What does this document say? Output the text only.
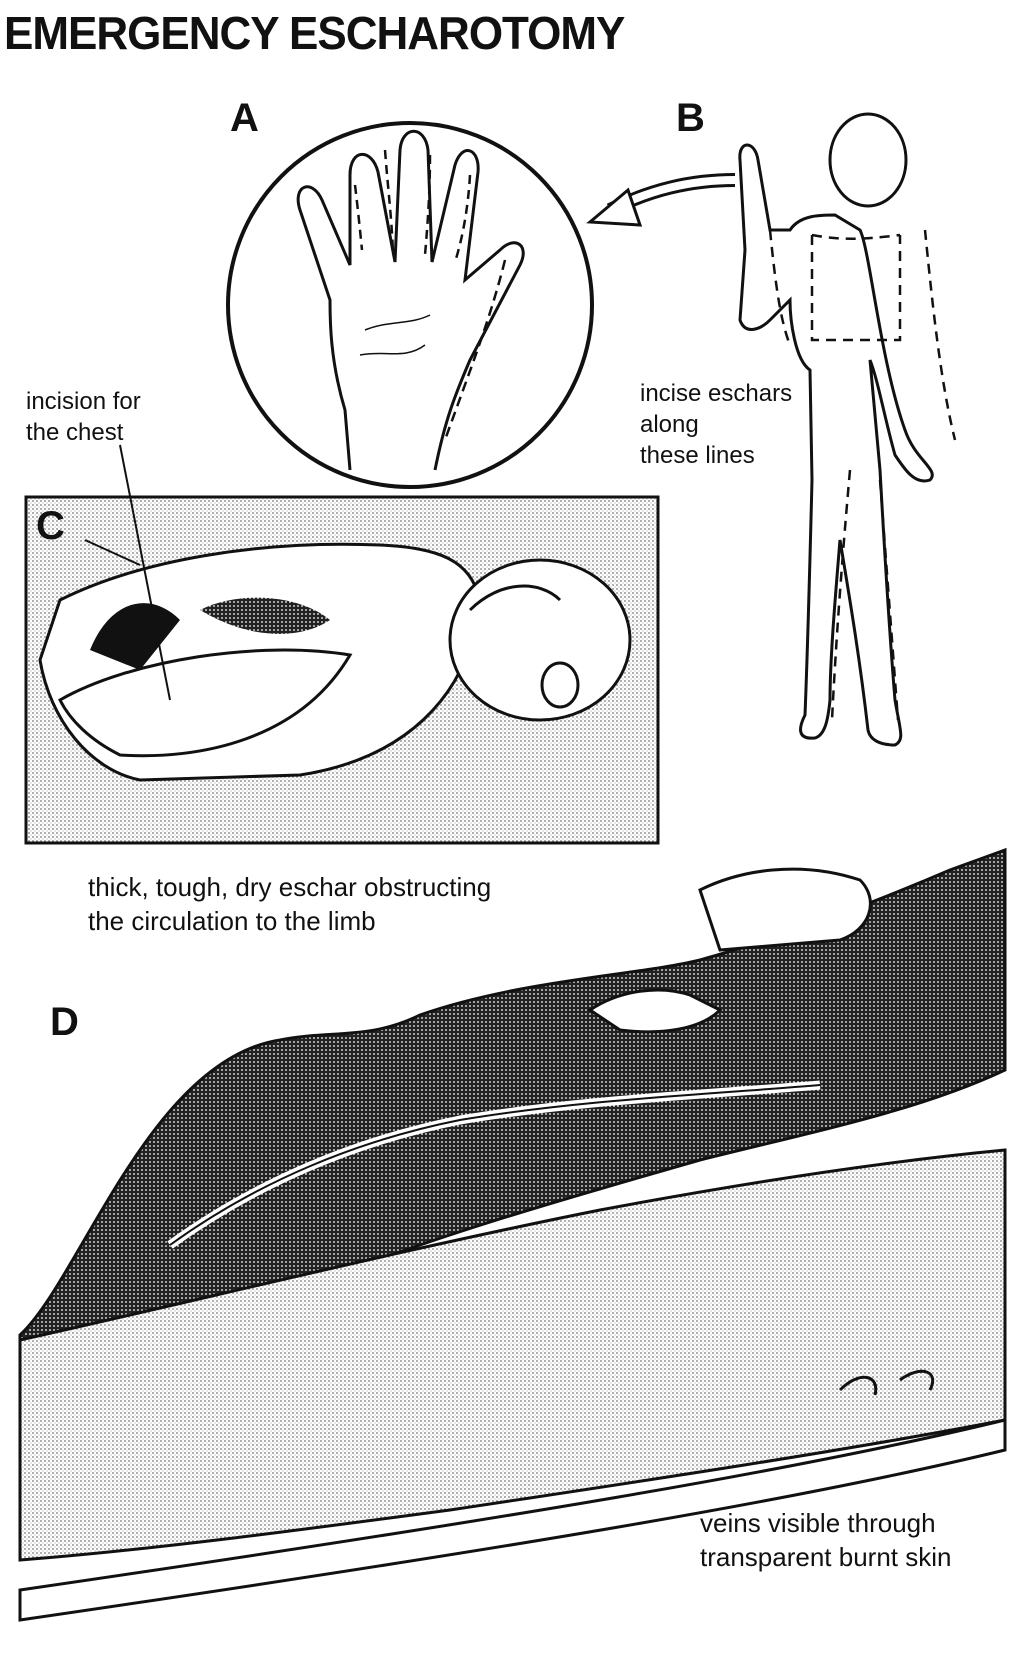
EMERGENCY ESCHAROTOMY
A	B
C
D
incision for
the chest
incise eschars
along
these lines
thick, tough, dry eschar obstructing
the circulation to the limb
veins visible through
transparent burnt skin
